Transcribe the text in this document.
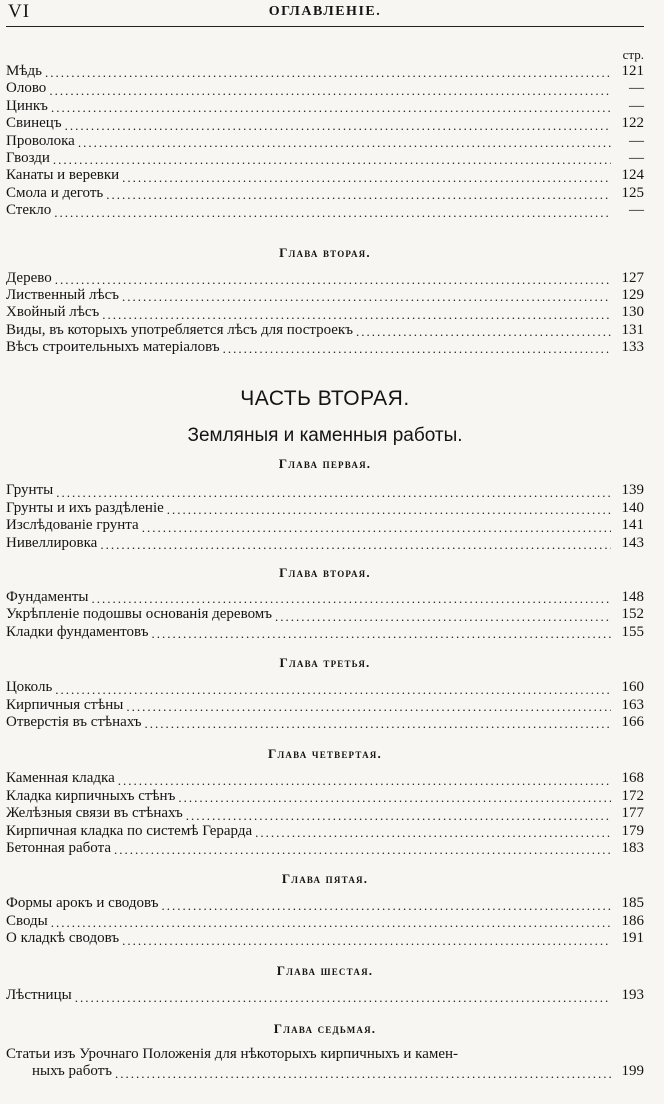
VI	ОГЛАВЛЕНІЕ.
стр.
Мѣдь .....	121
Олово .....	—
Цинкъ .....	—
Свинецъ .....	122
Проволока .....	—
Гвозди .....	—
Канаты и веревки .....	124
Смола и деготь .....	125
Стекло .....	—
Глава вторая.
Дерево .....	127
Лиственный лѣсъ .....	129
Хвойный лѣсъ .....	130
Виды, въ которыхъ употребляется лѣсъ для построекъ .....	131
Вѣсъ строительныхъ матеріаловъ .....	133
ЧАСТЬ ВТОРАЯ.
Земляныя и каменныя работы.
Глава первая.
Грунты .....	139
Грунты и ихъ раздѣленіе .....	140
Изслѣдованіе грунта .....	141
Нивеллировка .....	143
Глава вторая.
Фундаменты .....	148
Укрѣпленіе подошвы основанія деревомъ .....	152
Кладки фундаментовъ .....	155
Глава третья.
Цоколь .....	160
Кирпичныя стѣны .....	163
Отверстія въ стѣнахъ .....	166
Глава четвертая.
Каменная кладка .....	168
Кладка кирпичныхъ стѣнъ .....	172
Желѣзныя связи въ стѣнахъ .....	177
Кирпичная кладка по системѣ Герарда .....	179
Бетонная работа .....	183
Глава пятая.
Формы арокъ и сводовъ .....	185
Своды .....	186
О кладкѣ сводовъ .....	191
Глава шестая.
Лѣстницы .....	193
Глава седьмая.
Статьи изъ Урочнаго Положенія для нѣкоторыхъ кирпичныхъ и камен-
ныхъ работъ .....	199
